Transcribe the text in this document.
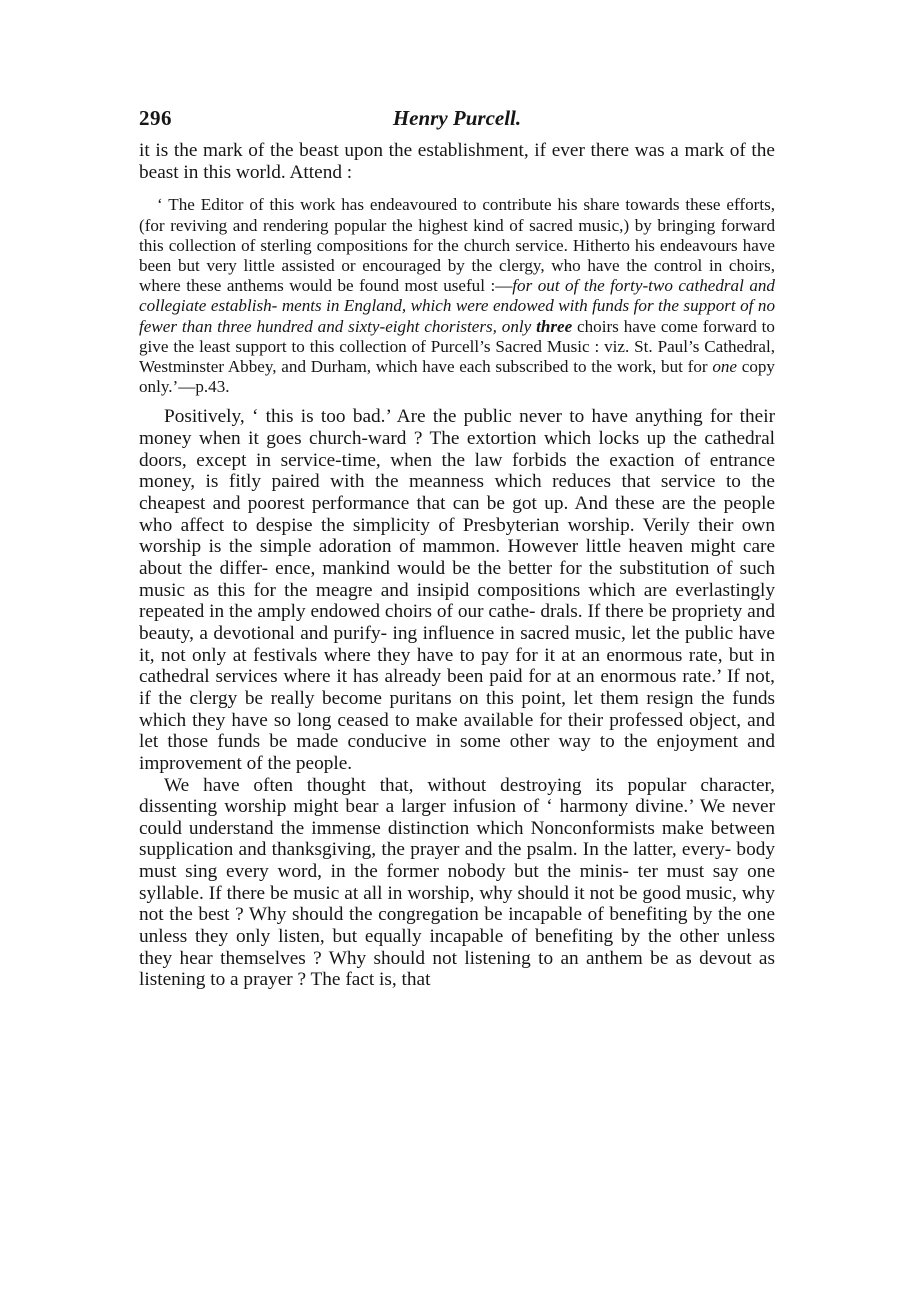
296	Henry Purcell.

it is the mark of the beast upon the establishment, if ever there was a mark of the beast in this world. Attend :

‘ The Editor of this work has endeavoured to contribute his share towards these efforts, (for reviving and rendering popular the highest kind of sacred music,) by bringing forward this collection of sterling compositions for the church service. Hitherto his endeavours have been but very little assisted or encouraged by the clergy, who have the control in choirs, where these anthems would be found most useful :—for out of the forty-two cathedral and collegiate establish- ments in England, which were endowed with funds for the support of no fewer than three hundred and sixty-eight choristers, only three choirs have come forward to give the least support to this collection of Purcell’s Sacred Music : viz. St. Paul’s Cathedral, Westminster Abbey, and Durham, which have each subscribed to the work, but for one copy only.’—p.43.

Positively, ‘ this is too bad.’ Are the public never to have anything for their money when it goes church-ward ? The extortion which locks up the cathedral doors, except in service-time, when the law forbids the exaction of entrance money, is fitly paired with the meanness which reduces that service to the cheapest and poorest performance that can be got up. And these are the people who affect to despise the simplicity of Presbyterian worship. Verily their own worship is the simple adoration of mammon. However little heaven might care about the differ- ence, mankind would be the better for the substitution of such music as this for the meagre and insipid compositions which are everlastingly repeated in the amply endowed choirs of our cathe- drals. If there be propriety and beauty, a devotional and purify- ing influence in sacred music, let the public have it, not only at festivals where they have to pay for it at an enormous rate, but in cathedral services where it has already been paid for at an enormous rate.’ If not, if the clergy be really become puritans on this point, let them resign the funds which they have so long ceased to make available for their professed object, and let those funds be made conducive in some other way to the enjoyment and improvement of the people.

We have often thought that, without destroying its popular character, dissenting worship might bear a larger infusion of ‘ harmony divine.’ We never could understand the immense distinction which Nonconformists make between supplication and thanksgiving, the prayer and the psalm. In the latter, every- body must sing every word, in the former nobody but the minis- ter must say one syllable. If there be music at all in worship, why should it not be good music, why not the best ? Why should the congregation be incapable of benefiting by the one unless they only listen, but equally incapable of benefiting by the other unless they hear themselves ? Why should not listening to an anthem be as devout as listening to a prayer ? The fact is, that
